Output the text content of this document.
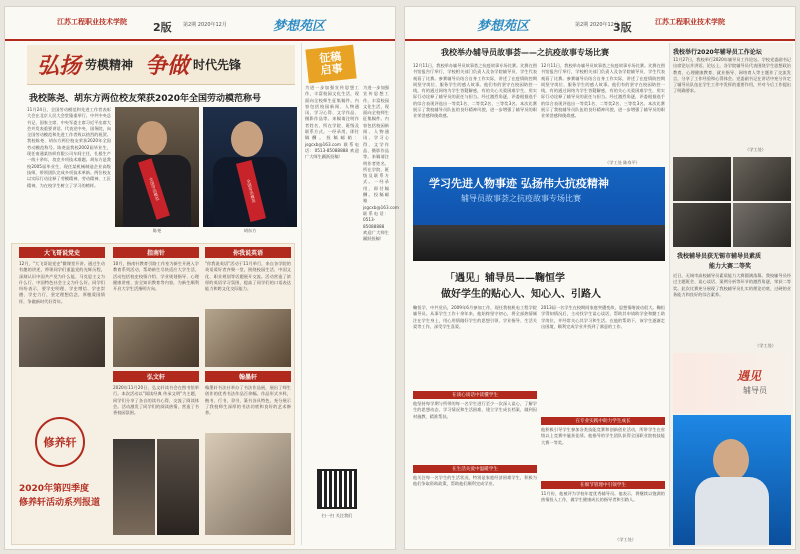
江苏工程职业技术学院 2版 第2期 2020年12月	梦想苑区
弘扬 劳模精神 争做 时代先锋
我校陈尧、胡东方两位校友荣获2020年全国劳动模范称号
11月24日，全国劳动模范和先进工作者表彰大会在北京人民大会堂隆重举行。中共中央总书记、国家主席、中央军委主席习近平出席大会并发表重要讲话。代表党中央、国务院，向全国劳动模范和先进工作者致以热烈的祝贺。我校陈尧、胡东方两位校友荣获2020年全国劳动模范称号。陈尧是我校2002届毕业生，现任南通某纺织有限公司车间主任，扎根生产一线十余年，攻克多项技术难题。胡东方是我校2005届毕业生，现任某机械制造企业高级技师，带领团队完成多项技术革新。两位校友以实际行动诠释了劳模精神、劳动精神、工匠精神，为在校学生树立了学习的榜样。	全国劳动模范
陈尧
全国劳动模范
胡东方
大飞哥说党史	指南针	你我说英语
12月，"大飞哥说党史"微课堂开讲。通过生动有趣的讲述，带领同学们重温党的光辉历程，深刻认识中国共产党为什么能、马克思主义为什么行、中国特色社会主义为什么好。同学们纷纷表示，要学史明理、学史增信、学史崇德、学史力行，坚定理想信念，厚植爱国情怀，争做新时代好青年。
10月，指南针教育引路工作室为新生开展入学教育系列活动，帮助新生尽快适应大学生活。活动包括校史校情介绍、学业规划指导、心理健康讲座、安全知识教育等内容，为新生顺利开启大学生活指明方向。
"你我说英语"活动于11月举行，来自各学院的英语爱好者齐聚一堂，围绕校园生活、中国文化、职业规划等话题展开交流。活动营造了浓厚的英语学习氛围，提高了同学们的口语表达能力和跨文化交际能力。
修养轩
2020年第四季度
修养轩活动系列报道
弘文轩	翰墨轩
2020年11月20日，弘文轩读书会在图书馆举行。本次活动以"阅读经典 传承文明"为主题，同学们分享了各自的读书心得，交流了阅读体会。活动激发了同学们的阅读热情，营造了书香校园氛围。
翰墨轩书法社举办了书法作品展，展出了师生创作的优秀书法作品百余幅。作品形式多样，楷书、行书、隶书、篆书各具特色，充分展示了我校师生深厚的书法功底和良好的艺术修养。
征稿
启事
为进一步加强宣传思想工作，丰富校园文化生活，现面向全校师生征集稿件。内容包括校园新闻、人物通讯、学习心得、文学作品、摄影作品等。来稿请注明作者姓名、所在学院、班级及联系方式。一经录用，即付稿酬。投稿邮箱：jsgcxb@163.com 联系电话：0513-85088888 欢迎广大师生踊跃投稿！
为进一步加强宣传思想工作，丰富校园文化生活，现面向全校师生征集稿件。内容包括校园新闻、人物通讯、学习心得、文学作品、摄影作品等。来稿请注明作者姓名、所在学院、班级及联系方式。一经录用，即付稿酬。投稿邮箱：jsgcxb@163.com 联系电话：0513-85088888 欢迎广大师生踊跃投稿！
扫一扫 关注我们
梦想苑区	第2期 2020年12月
3版	江苏工程职业技术学院
我校举办辅导员故事荟——之抗疫故事专场比赛
12月11日，我校举办辅导员故事荟之抗疫故事专场比赛。比赛在图书馆报告厅举行，学校相关部门负责人及各学院辅导员、学生代表观看了比赛。参赛辅导员结合自身工作实际，讲述了在疫情防控期间坚守岗位、服务学生的感人故事。他们有的坚守在校园防控一线，有的通过网络为学生答疑解惑，有的关心关爱困难学生，用实际行动诠释了辅导员的责任与担当。经过激烈角逐，评委根据选手的综合表现评选出一等奖1名、二等奖2名、三等奖3名。本次比赛展示了我校辅导员队伍的良好精神风貌，进一步增强了辅导员的职业荣誉感和使命感。
12月11日，我校举办辅导员故事荟之抗疫故事专场比赛。比赛在图书馆报告厅举行，学校相关部门负责人及各学院辅导员、学生代表观看了比赛。参赛辅导员结合自身工作实际，讲述了在疫情防控期间坚守岗位、服务学生的感人故事。他们有的坚守在校园防控一线，有的通过网络为学生答疑解惑，有的关心关爱困难学生，用实际行动诠释了辅导员的责任与担当。经过激烈角逐，评委根据选手的综合表现评选出一等奖1名、二等奖2名、三等奖3名。本次比赛展示了我校辅导员队伍的良好精神风貌，进一步增强了辅导员的职业荣誉感和使命感。
（学工处 陈寿平）
学习先进人物事迹 弘扬伟大抗疫精神
辅导员故事荟之抗疫故事专场比赛
「遇见」辅导员——鞠恒学
做好学生的贴心人、知心人、引路人
鞠恒学，中共党员，2009年6月参加工作，现任我校机电工程学院辅导员。从事学生工作十余年来，他始终坚守初心，将全部热情倾注在学生身上，用心用情做好学生的思想引领、学业指导、生活关爱等工作，深受学生喜爱。
2013届一名学生在校期间家庭突遭变故，思想情绪波动很大。鞠恒学得知情况后，主动找学生谈心谈话，帮助其申请助学金和勤工助学岗位，并经常关心其学习和生活。在他的帮助下，该学生逐渐走出困境，顺利完成学业并找到了满意的工作。
在谈心谈话中读懂学生
他坚持每学期与所带的每一名学生进行至少一次深入谈心，了解学生的思想动态、学习情况和生活困难，建立学生成长档案，做到因材施教、精准帮扶。
在专业实践中助力学生成长
他积极引导学生参加各类技能竞赛和创新创业活动，所带学生在省级以上竞赛中屡获佳绩。他指导的学生团队获得全国职业院校技能大赛一等奖。
在生活关爱中温暖学生
他关注每一名学生的生活状况，特别是家庭经济困难学生，积极为他们争取资助政策，帮助他们顺利完成学业。	在细节管理中引领学生
11月份，他被评为学校年度优秀辅导员。他表示，将继续以饱满的热情投入工作，做学生健康成长的指导者和引路人。
（学工处）
我校举行2020年辅导员工作论坛
11月27日，我校举行2020年辅导员工作论坛。学校党委副书记出席论坛并讲话。论坛上，各学院辅导员代表围绕学生思想政治教育、心理健康教育、就业指导、网络育人等主题作了交流发言，分享了工作经验和心得体会。党委副书记在讲话中充分肯定了辅导员队伍在学生工作中发挥的重要作用，并对今后工作提出了明确要求。
（学工处）
我校辅导员获无锡市辅导员素质
能力大赛二等奖
近日，无锡市高校辅导员素质能力大赛圆满落幕。我校辅导员经过主题班会、谈心谈话、案例分析等环节的激烈角逐，荣获二等奖。此次比赛充分展现了我校辅导员扎实的理论功底、过硬的业务能力和良好的综合素养。
（学工处）
遇见
辅导员
